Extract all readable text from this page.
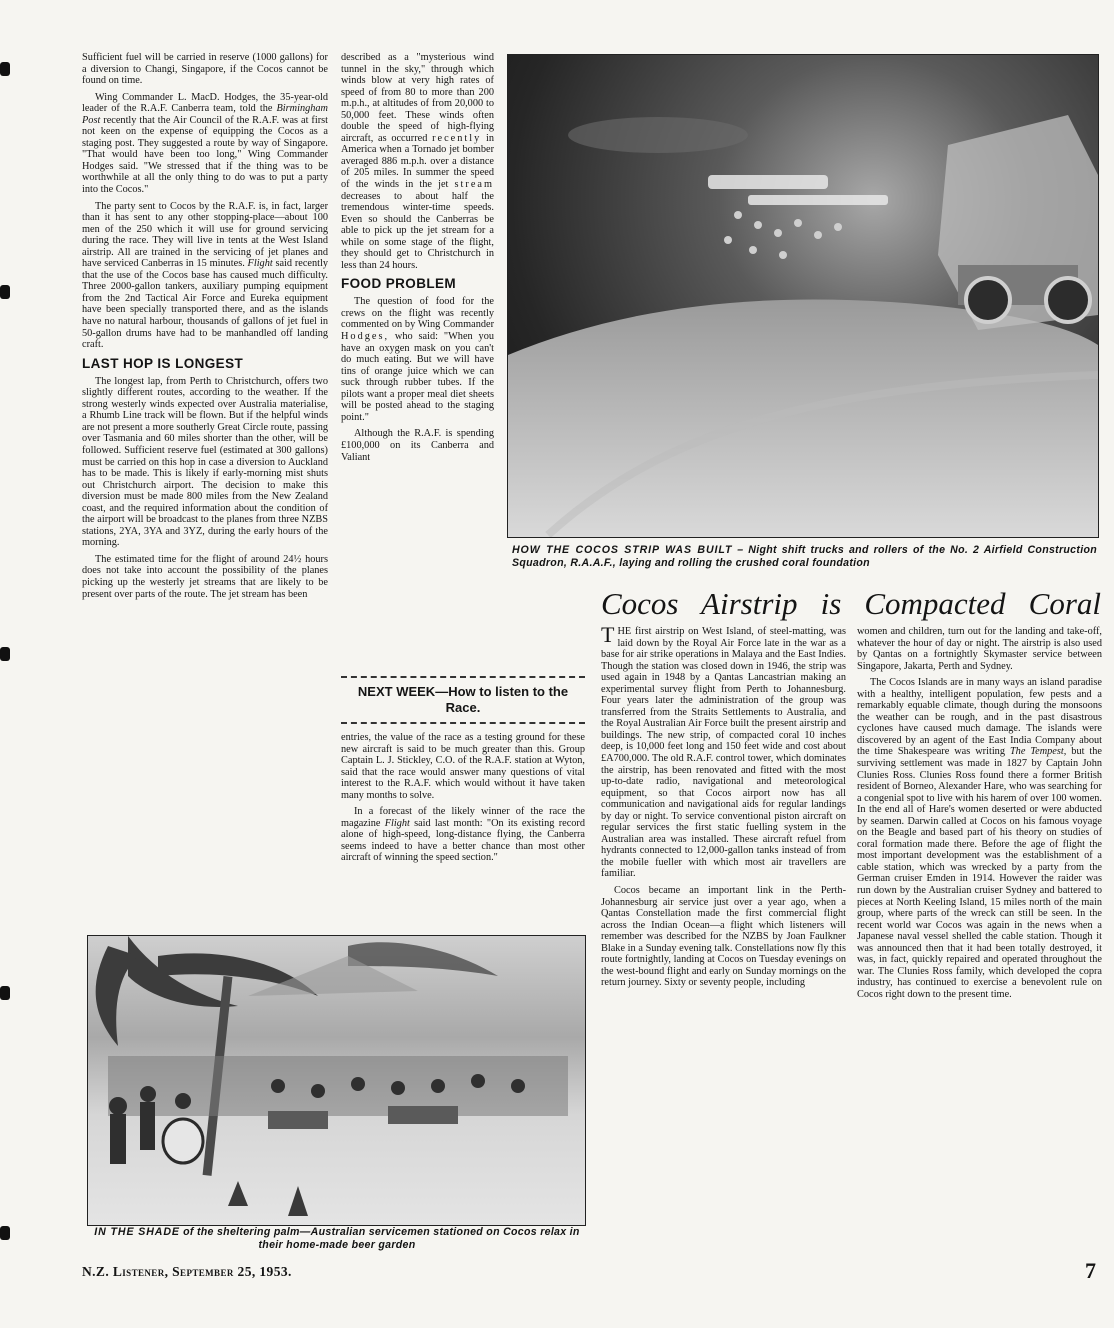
Sufficient fuel will be carried in reserve (1000 gallons) for a diversion to Changi, Singapore, if the Cocos cannot be found on time.

Wing Commander L. MacD. Hodges, the 35-year-old leader of the R.A.F. Canberra team, told the Birmingham Post recently that the Air Council of the R.A.F. was at first not keen on the expense of equipping the Cocos as a staging post. They suggested a route by way of Singapore. "That would have been too long," Wing Commander Hodges said. "We stressed that if the thing was to be worthwhile at all the only thing to do was to put a party into the Cocos."

The party sent to Cocos by the R.A.F. is, in fact, larger than it has sent to any other stopping-place—about 100 men of the 250 which it will use for ground servicing during the race. They will live in tents at the West Island airstrip. All are trained in the servicing of jet planes and have serviced Canberras in 15 minutes. Flight said recently that the use of the Cocos base has caused much difficulty. Three 2000-gallon tankers, auxiliary pumping equipment from the 2nd Tactical Air Force and Eureka equipment have been specially transported there, and as the islands have no natural harbour, thousands of gallons of jet fuel in 50-gallon drums have had to be manhandled off landing craft.

LAST HOP IS LONGEST

The longest lap, from Perth to Christchurch, offers two slightly different routes, according to the weather. If the strong westerly winds expected over Australia materialise, a Rhumb Line track will be flown. But if the helpful winds are not present a more southerly Great Circle route, passing over Tasmania and 60 miles shorter than the other, will be followed. Sufficient reserve fuel (estimated at 300 gallons) must be carried on this hop in case a diversion to Auckland has to be made. This is likely if early-morning mist shuts out Christchurch airport. The decision to make this diversion must be made 800 miles from the New Zealand coast, and the required information about the condition of the airport will be broadcast to the planes from three NZBS stations, 2YA, 3YA and 3YZ, during the early hours of the morning.

The estimated time for the flight of around 24½ hours does not take into account the possibility of the planes picking up the westerly jet streams that are likely to be present over parts of the route. The jet stream has been

described as a "mysterious wind tunnel in the sky," through which winds blow at very high rates of speed of from 80 to more than 200 m.p.h., at altitudes of from 20,000 to 50,000 feet. These winds often double the speed of high-flying aircraft, as occurred recently in America when a Tornado jet bomber averaged 886 m.p.h. over a distance of 205 miles. In summer the speed of the winds in the jet stream decreases to about half the tremendous winter-time speeds. Even so should the Canberras be able to pick up the jet stream for a while on some stage of the flight, they should get to Christchurch in less than 24 hours.

FOOD PROBLEM

The question of food for the crews on the flight was recently commented on by Wing Commander Hodges, who said: "When you have an oxygen mask on you can't do much eating. But we will have tins of orange juice which we can suck through rubber tubes. If the pilots want a proper meal diet sheets will be posted ahead to the staging point."

Although the R.A.F. is spending £100,000 on its Canberra and Valiant

NEXT WEEK—How to listen to the Race.

entries, the value of the race as a testing ground for these new aircraft is said to be much greater than this. Group Captain L. J. Stickley, C.O. of the R.A.F. station at Wyton, said that the race would answer many questions of vital interest to the R.A.F. which would without it have taken many months to solve.

In a forecast of the likely winner of the race the magazine Flight said last month: "On its existing record alone of high-speed, long-distance flying, the Canberra seems indeed to have a better chance than most other aircraft of winning the speed section."

HOW THE COCOS STRIP WAS BUILT – Night shift trucks and rollers of the No. 2 Airfield Construction Squadron, R.A.A.F., laying and rolling the crushed coral foundation
Cocos Airstrip is Compacted Coral

THE first airstrip on West Island, of steel-matting, was laid down by the Royal Air Force late in the war as a base for air strike operations in Malaya and the East Indies. Though the station was closed down in 1946, the strip was used again in 1948 by a Qantas Lancastrian making an experimental survey flight from Perth to Johannesburg. Four years later the administration of the group was transferred from the Straits Settlements to Australia, and the Royal Australian Air Force built the present airstrip and buildings. The new strip, of compacted coral 10 inches deep, is 10,000 feet long and 150 feet wide and cost about £A700,000. The old R.A.F. control tower, which dominates the airstrip, has been renovated and fitted with the most up-to-date radio, navigational and meteorological equipment, so that Cocos airport now has all communication and navigational aids for regular landings by day or night. To service conventional piston aircraft on regular services the first static fuelling system in the Australian area was installed. These aircraft refuel from hydrants connected to 12,000-gallon tanks instead of from the mobile fueller with which most air travellers are familiar.

Cocos became an important link in the Perth-Johannesburg air service just over a year ago, when a Qantas Constellation made the first commercial flight across the Indian Ocean—a flight which listeners will remember was described for the NZBS by Joan Faulkner Blake in a Sunday evening talk. Constellations now fly this route fortnightly, landing at Cocos on Tuesday evenings on the west-bound flight and early on Sunday mornings on the return journey. Sixty or seventy people, including

women and children, turn out for the landing and take-off, whatever the hour of day or night. The airstrip is also used by Qantas on a fortnightly Skymaster service between Singapore, Jakarta, Perth and Sydney.

The Cocos Islands are in many ways an island paradise with a healthy, intelligent population, few pests and a remarkably equable climate, though during the monsoons the weather can be rough, and in the past disastrous cyclones have caused much damage. The islands were discovered by an agent of the East India Company about the time Shakespeare was writing The Tempest, but the surviving settlement was made in 1827 by Captain John Clunies Ross. Clunies Ross found there a former British resident of Borneo, Alexander Hare, who was searching for a congenial spot to live with his harem of over 100 women. In the end all of Hare's women deserted or were abducted by seamen. Darwin called at Cocos on his famous voyage on the Beagle and based part of his theory on studies of coral formation made there. Before the age of flight the most important development was the establishment of a cable station, which was wrecked by a party from the German cruiser Emden in 1914. However the raider was run down by the Australian cruiser Sydney and battered to pieces at North Keeling Island, 15 miles north of the main group, where parts of the wreck can still be seen. In the recent world war Cocos was again in the news when a Japanese naval vessel shelled the cable station. Though it was announced then that it had been totally destroyed, it was, in fact, quickly repaired and operated throughout the war. The Clunies Ross family, which developed the copra industry, has continued to exercise a benevolent rule on Cocos right down to the present time.

IN THE SHADE of the sheltering palm—Australian servicemen stationed on Cocos relax in their home-made beer garden
N.Z. Listener, September 25, 1953.	7
